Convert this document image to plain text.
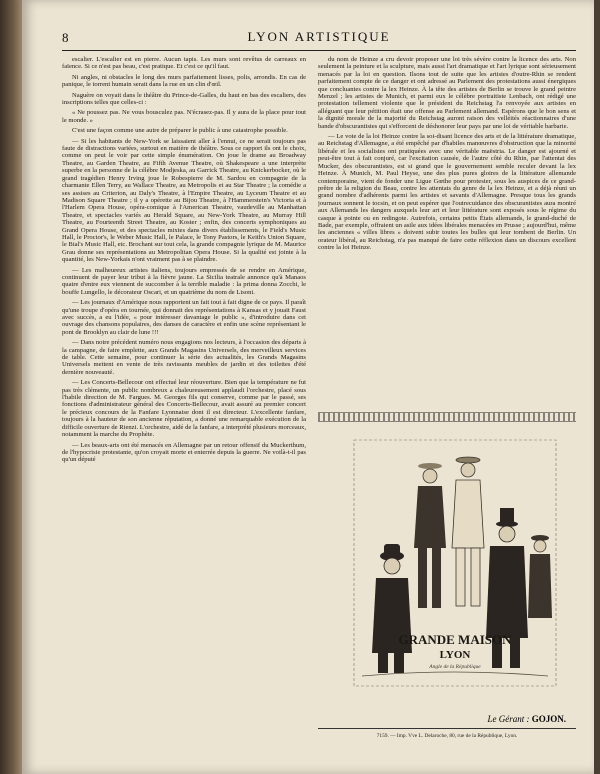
8	LYON ARTISTIQUE

escalier. L'escalier est en pierre. Aucun tapis. Les murs sont revêtus de carreaux en faïence. Si ce n'est pas beau, c'est pratique. Et c'est ce qu'il faut.

Ni angles, ni obstacles le long des murs parfaitement lisses, polis, arrondis. En cas de panique, le torrent humain serait dans la rue en un clin d'œil.

Naguère on voyait dans le théâtre du Prince-de-Galles, du haut en bas des escaliers, des inscriptions telles que celles-ci :

« Ne poussez pas. Ne vous bousculez pas. N'écrasez-pas. Il y aura de la place pour tout le monde. »

C'est une façon comme une autre de préparer le public à une catastrophe possible.

— Si les habitants de New-York se laissaient aller à l'ennui, ce ne serait toujours pas faute de distractions variées, surtout en matière de théâtre. Sous ce rapport ils ont le choix, comme on peut le voir par cette simple énumération. On joue le drame au Broadway Theatre, au Garden Theatre, au Fifth Avenue Theatre, où Shakespeare a une interprète superbe en la personne de la célèbre Modjeska, au Garrick Theatre, au Knickerbocker, où le grand tragédien Henry Irving joue le Robespierre de M. Sardou en compagnie de la charmante Ellen Terry, au Wallace Theatre, au Metropolis et au Star Theatre ; la comédie a ses assises au Criterion, au Daly's Theatre, à l'Empire Theatre, au Lyceum Theatre et au Madison Square Theatre ; il y a opérette au Bijou Theatre, à l'Hammerstein's Victoria et à l'Harlem Opera House, opéra-comique à l'American Theatre, vaudeville au Manhattan Theatre, et spectacles variés au Herald Square, au New-York Theatre, au Murray Hill Theatre, au Fourteenth Street Theatre, au Koster ; enfin, des concerts symphoniques au Grand Opera House, et des spectacles mixtes dans divers établissements, le Field's Music Hall, le Proctor's, le Weber Music Hall, le Palace, le Tony Pastors, le Keith's Union Square, le Bial's Music Hall, etc. Brochant sur tout cela, la grande compagnie lyrique de M. Maurice Grau donne ses représentations au Metropolitan Opera House. Si la qualité est jointe à la quantité, les New-Yorkais n'ont vraiment pas à se plaindre.

— Les malheureux artistes italiens, toujours empressés de se rendre en Amérique, continuent de payer leur tribut à la fièvre jaune. La Sicilia teatrale annonce qu'à Manaos quatre d'entre eux viennent de succomber à la terrible maladie : la prima donna Zocchi, le bouffe Lungello, le décorateur Oscari, et un quatrième du nom de Lisoni.

— Les journaux d'Amérique nous rapportent un fait tout à fait digne de ce pays. Il paraît qu'une troupe d'opéra en tournée, qui donnait des représentations à Kansas et y jouait Faust avec succès, a eu l'idée, « pour intéresser davantage le public », d'introduire dans cet ouvrage des chansons populaires, des danses de caractère et enfin une scène représentant le pont de Brooklyn au clair de lune !!!

— Dans notre précédent numéro nous engagions nos lecteurs, à l'occasion des départs à la campagne, de faire emplette, aux Grands Magasins Universels, des merveilleux services de table. Cette semaine, pour continuer la série des actualités, les Grands Magasins Universels mettent en vente de très ravissants meubles de jardin et des toilettes d'été dernière nouveauté.

— Les Concerts-Bellecour ont effectué leur réouverture. Bien que la température ne fut pas très clémente, un public nombreux a chaleureusement applaudi l'orchestre, placé sous l'habile direction de M. Fargues. M. Georges fils qui conserve, comme par le passé, ses fonctions d'administrateur général des Concerts-Bellecour, avait assuré au premier concert le précieux concours de la Fanfare Lyonnaise dont il est directeur. L'excellente fanfare, toujours à la hauteur de son ancienne réputation, a donné une remarquable exécution de la difficile ouverture de Rienzi. L'orchestre, aidé de la fanfare, a interprété plusieurs morceaux, notamment la marche du Prophète.

— Les beaux-arts ont été menacés en Allemagne par un retour offensif du Muckerthum, de l'hypocrisie protestante, qu'on croyait morte et enterrée depuis la guerre. Ne voilà-t-il pas qu'un député

du nom de Heinze a cru devoir proposer une loi très sévère contre la licence des arts. Non seulement la peinture et la sculpture, mais aussi l'art dramatique et l'art lyrique sont sérieusement menacés par la loi en question. Ilsons tout de suite que les artistes d'outre-Rhin se rendent parfaitement compte de ce danger et ont adressé au Parlement des protestations aussi énergiques que concluantes contre la lex Heinze. À la tête des artistes de Berlin se trouve le grand peintre Menzel ; les artistes de Munich, et parmi eux le célèbre portraitiste Lenbach, ont rédigé une protestation tellement violente que le président du Reichstag l'a renvoyée aux artistes en alléguant que leur pétition était une offense au Parlement allemand. Espérons que le bon sens et la dignité morale de la majorité du Reichstag auront raison des velléités réactionnaires d'une bande d'obscurantistes qui s'efforcent de déshonorer leur pays par une loi de véritable barbarie.

— Le vote de la loi Heinze contre la soi-disant licence des arts et de la littérature dramatique, au Reichstag d'Allemagne, a été empêché par d'habiles manœuvres d'obstruction que la minorité libérale et les socialistes ont pratiquées avec une véritable maëstria. Le danger est ajourné et peut-être tout à fait conjuré, car l'excitation causée, de l'autre côté du Rhin, par l'attentat des Mucker, des obscurantistes, est si grand que le gouvernement semble reculer devant la lex Heinze. À Munich, M. Paul Heyse, une des plus pures gloires de la littérature allemande contemporaine, vient de fonder une Ligue Gœthe pour protester, sous les auspices de ce grand-prêtre de la religion du Beau, contre les attentats du genre de la lex Heinze, et a déjà réuni un grand nombre d'adhérents parmi les artistes et savants d'Allemagne. Presque tous les grands journaux sonnent le tocsin, et on peut espérer que l'outrecuidance des obscurantistes aura montré aux Allemands les dangers auxquels leur art et leur littérature sont exposés sous le régime du casque à pointe ou en redingote. Autrefois, certains petits États allemands, le grand-duché de Bade, par exemple, offraient un asile aux idées libérales menacées en Prusse ; aujourd'hui, même les anciennes « villes libres » doivent subir toutes les bulles qui leur tombent de Berlin. Un orateur libéral, au Reichstag, n'a pas manqué de faire cette réflexion dans un discours excellent contre la loi Heinze.

GRANDE MAISON
LYON
Angle de la République
Le Gérant : GOJON.
7159. — Imp. Vve L. Delaroche, 80, rue de la République, Lyon.
